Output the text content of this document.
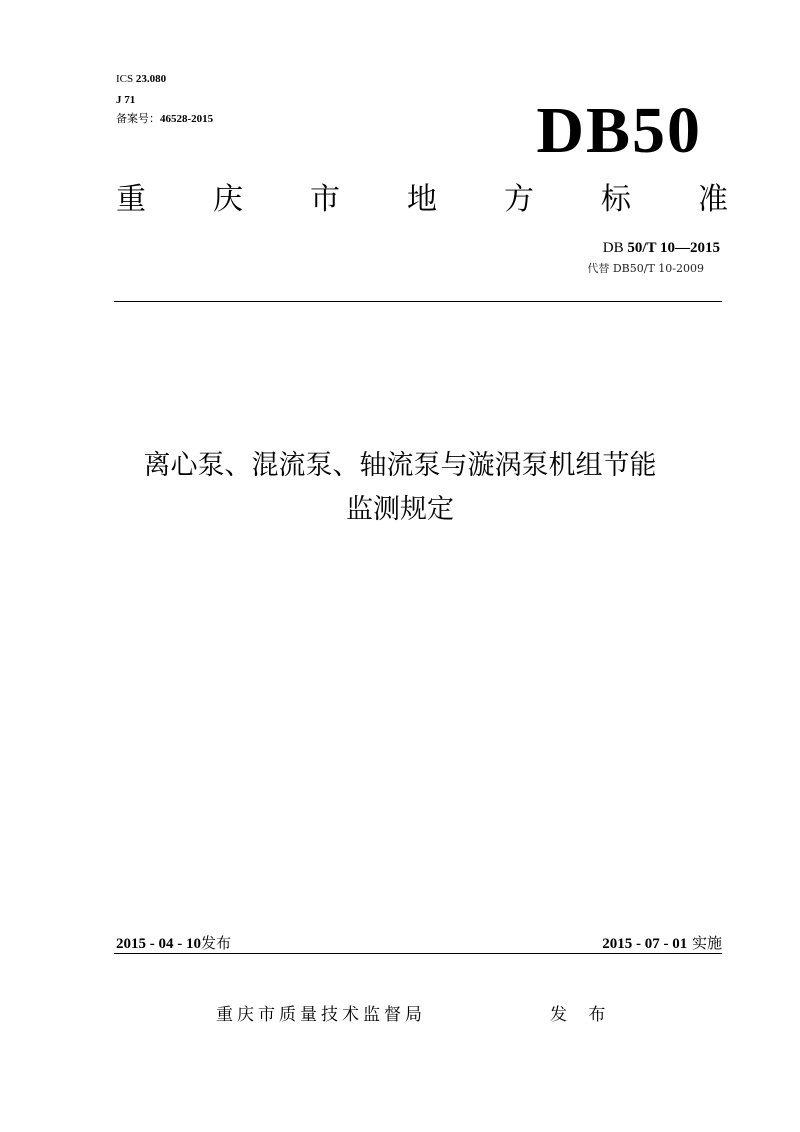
ICS 23.080
J 71
备案号：46528-2015	DB50
重 庆 市 地 方 标 准
DB 50/T 10—2015
代替 DB50/T 10-2009
离心泵、混流泵、轴流泵与漩涡泵机组节能
监测规定
2015 - 04 - 10发布	2015 - 07 - 01 实施
重庆市质量技术监督局	发 布
